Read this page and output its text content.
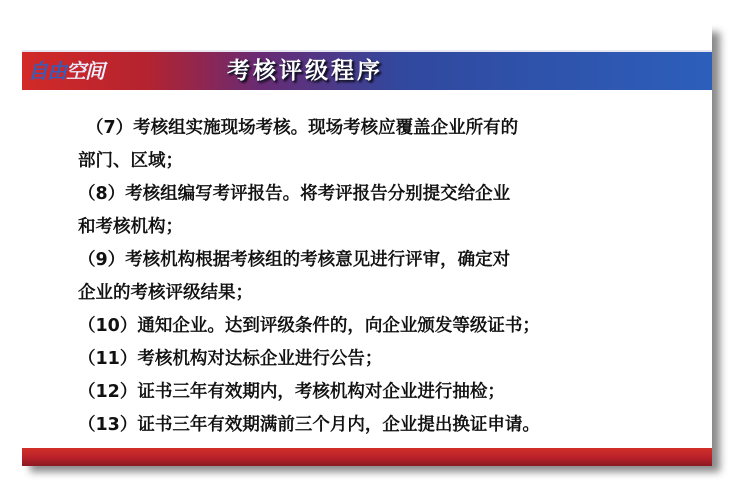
自由空间	考核评级程序
（7）考核组实施现场考核。现场考核应覆盖企业所有的
部门、区域；
（8）考核组编写考评报告。将考评报告分别提交给企业
和考核机构；
（9）考核机构根据考核组的考核意见进行评审，确定对
企业的考核评级结果；
（10）通知企业。达到评级条件的，向企业颁发等级证书；
（11）考核机构对达标企业进行公告；
（12）证书三年有效期内，考核机构对企业进行抽检；
（13）证书三年有效期满前三个月内，企业提出换证申请。
